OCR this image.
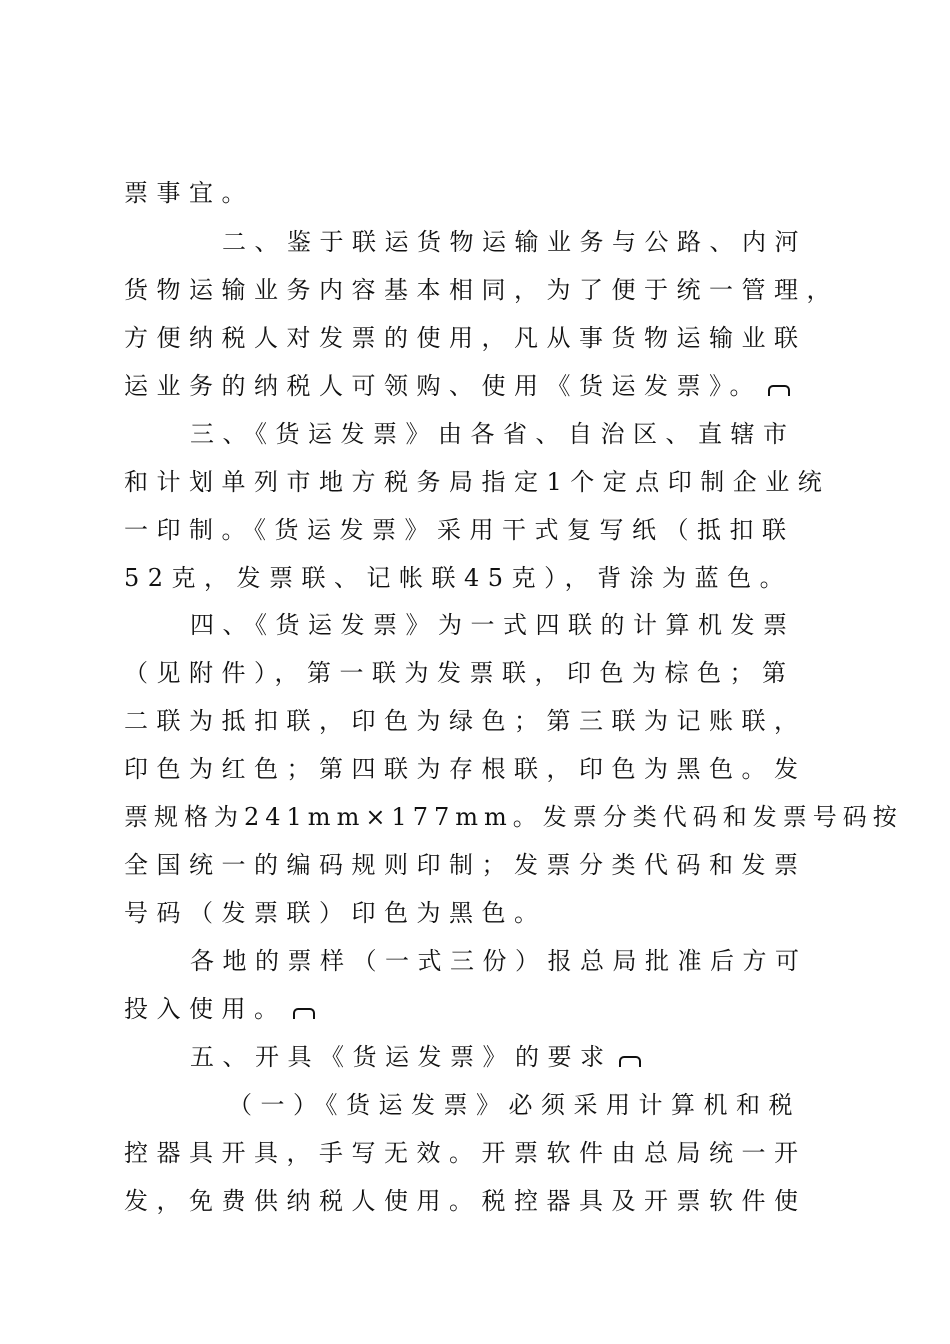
票事宜。
二、鉴于联运货物运输业务与公路、内河
货物运输业务内容基本相同，为了便于统一管理，
方便纳税人对发票的使用，凡从事货物运输业联
运业务的纳税人可领购、使用《货运发票》。
三、《货运发票》由各省、自治区、直辖市
和计划单列市地方税务局指定1个定点印制企业统
一印制。《货运发票》采用干式复写纸（抵扣联
52克，发票联、记帐联45克），背涂为蓝色。
四、《货运发票》为一式四联的计算机发票
（见附件），第一联为发票联，印色为棕色；第
二联为抵扣联，印色为绿色；第三联为记账联，
印色为红色；第四联为存根联，印色为黑色。发
票规格为241mm×177mm。发票分类代码和发票号码按
全国统一的编码规则印制；发票分类代码和发票
号码（发票联）印色为黑色。
各地的票样（一式三份）报总局批准后方可
投入使用。
五、开具《货运发票》的要求
（一）《货运发票》必须采用计算机和税
控器具开具，手写无效。开票软件由总局统一开
发，免费供纳税人使用。税控器具及开票软件使
